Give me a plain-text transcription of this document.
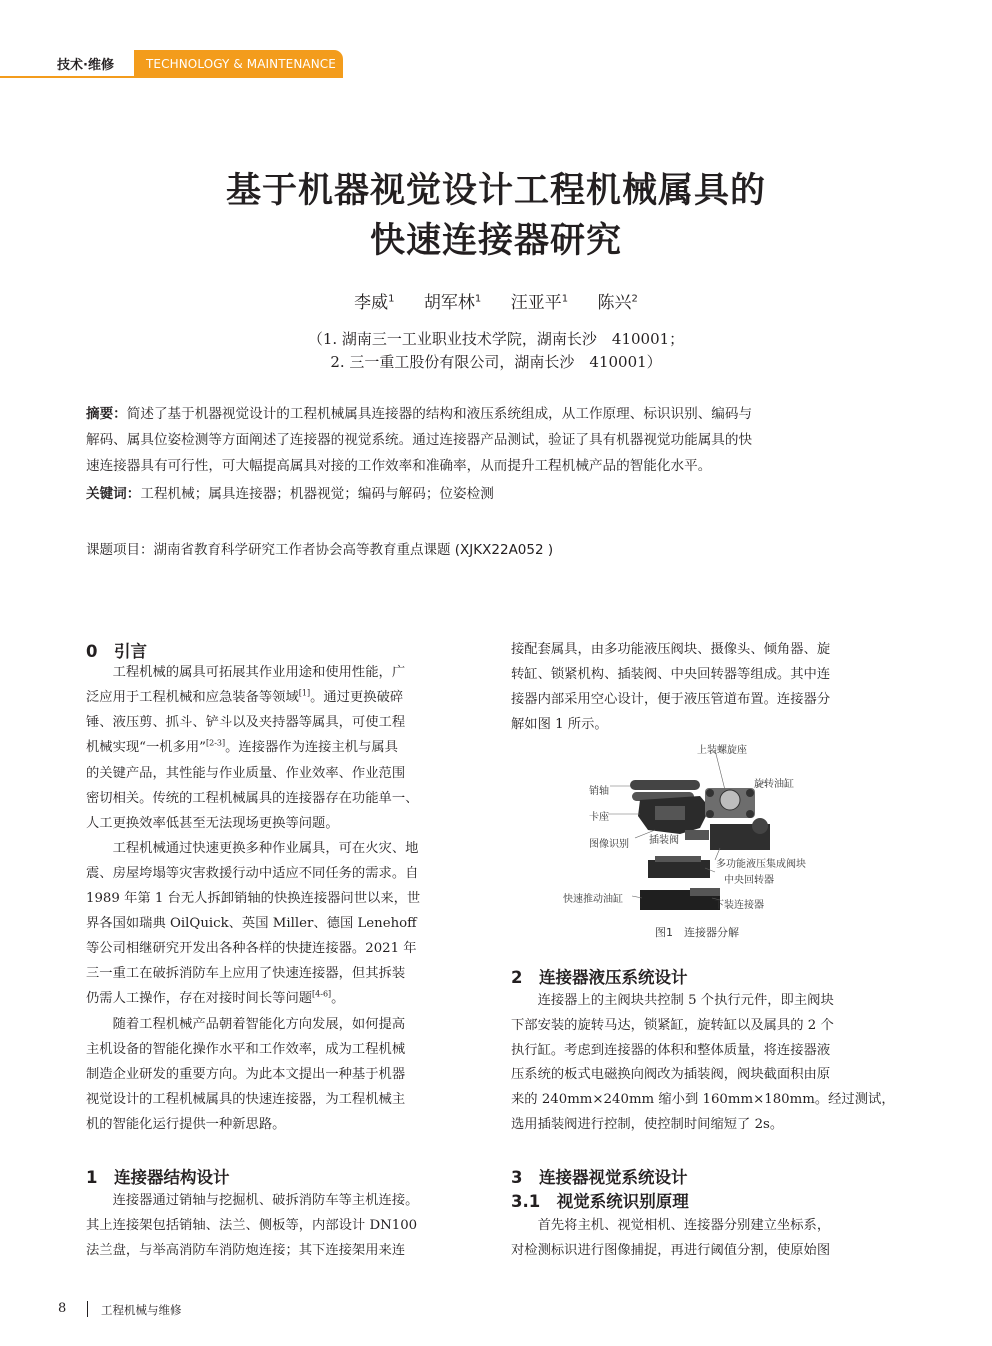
技术·维修	TECHNOLOGY & MAINTENANCE
基于机器视觉设计工程机械属具的
快速连接器研究
李威$^1$ 胡军林$^1$ 汪亚平$^1$ 陈兴$^2$
（1. 湖南三一工业职业技术学院，湖南长沙　410001；
2. 三一重工股份有限公司，湖南长沙　410001）
摘要：简述了基于机器视觉设计的工程机械属具连接器的结构和液压系统组成，从工作原理、标识识别、编码与
解码、属具位姿检测等方面阐述了连接器的视觉系统。通过连接器产品测试，验证了具有机器视觉功能属具的快
速连接器具有可行性，可大幅提高属具对接的工作效率和准确率，从而提升工程机械产品的智能化水平。
关键词：工程机械；属具连接器；机器视觉；编码与解码；位姿检测
课题项目：湖南省教育科学研究工作者协会高等教育重点课题 (XJKX22A052 )
0　引言
　　工程机械的属具可拓展其作业用途和使用性能，广
泛应用于工程机械和应急装备等领域[1]。通过更换破碎
锤、液压剪、抓斗、铲斗以及夹持器等属具，可使工程
机械实现“一机多用”[2-3]。连接器作为连接主机与属具
的关键产品，其性能与作业质量、作业效率、作业范围
密切相关。传统的工程机械属具的连接器存在功能单一、
人工更换效率低甚至无法现场更换等问题。
　　工程机械通过快速更换多种作业属具，可在火灾、地
震、房屋垮塌等灾害救援行动中适应不同任务的需求。自
1989 年第 1 台无人拆卸销轴的快换连接器问世以来，世
界各国如瑞典 OilQuick、英国 Miller、德国 Lenehoff
等公司相继研究开发出各种各样的快捷连接器。2021 年
三一重工在破拆消防车上应用了快速连接器，但其拆装
仍需人工操作，存在对接时间长等问题[4-6]。
　　随着工程机械产品朝着智能化方向发展，如何提高
主机设备的智能化操作水平和工作效率，成为工程机械
制造企业研发的重要方向。为此本文提出一种基于机器
视觉设计的工程机械属具的快速连接器，为工程机械主
机的智能化运行提供一种新思路。
1　连接器结构设计
　　连接器通过销轴与挖掘机、破拆消防车等主机连接。
其上连接架包括销轴、法兰、侧板等，内部设计 DN100
法兰盘，与举高消防车消防炮连接；其下连接架用来连
接配套属具，由多功能液压阀块、摄像头、倾角器、旋
转缸、锁紧机构、插装阀、中央回转器等组成。其中连
接器内部采用空心设计，便于液压管道布置。连接器分
解如图 1 所示。
上装螺旋座
销轴
旋转油缸
卡座
图像识别 插装阀
多功能液压集成阀块
中央回转器
快速推动油缸
下装连接器
图1　连接器分解
2　连接器液压系统设计
　　连接器上的主阀块共控制 5 个执行元件，即主阀块
下部安装的旋转马达，锁紧缸，旋转缸以及属具的 2 个
执行缸。考虑到连接器的体积和整体质量，将连接器液
压系统的板式电磁换向阀改为插装阀，阀块截面积由原
来的 240mm×240mm 缩小到 160mm×180mm。经过测试，
选用插装阀进行控制，使控制时间缩短了 2s。
3　连接器视觉系统设计
3.1　视觉系统识别原理
　　首先将主机、视觉相机、连接器分别建立坐标系，
对检测标识进行图像捕捉，再进行阈值分割，使原始图
8	工程机械与维修
